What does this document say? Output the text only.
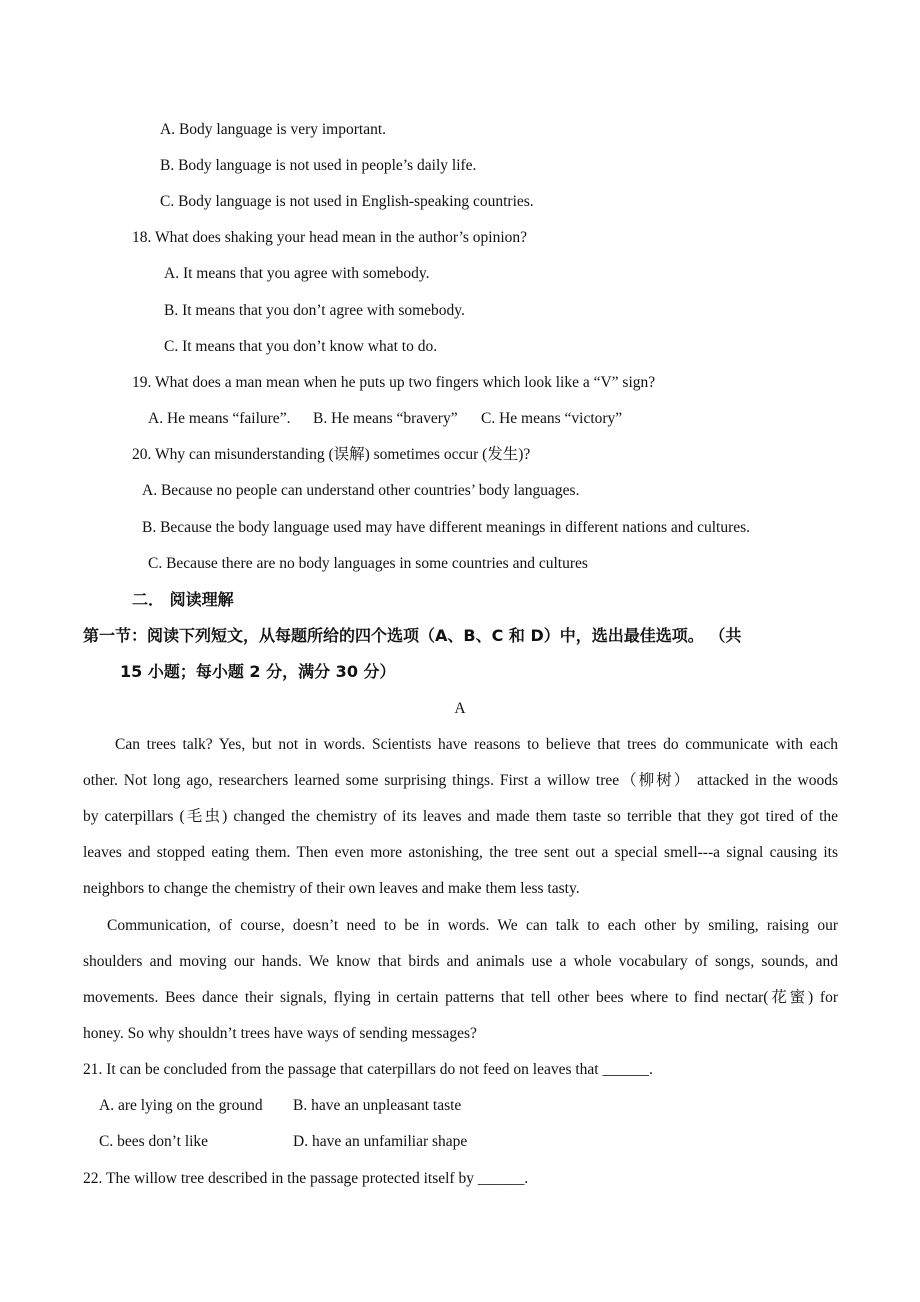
A. Body language is very important.
B. Body language is not used in people’s daily life.
C. Body language is not used in English-speaking countries.
18. What does shaking your head mean in the author’s opinion?
A. It means that you agree with somebody.
B. It means that you don’t agree with somebody.
C. It means that you don’t know what to do.
19. What does a man mean when he puts up two fingers which look like a “V” sign?
A. He means “failure”. B. He means “bravery” C. He means “victory”
20. Why can misunderstanding (误解) sometimes occur (发生)?
A. Because no people can understand other countries’ body languages.
B. Because the body language used may have different meanings in different nations and cultures.
C. Because there are no body languages in some countries and cultures
二． 阅读理解
第一节：阅读下列短文，从每题所给的四个选项（A、B、C 和 D）中，选出最佳选项。 （共
15 小题；每小题 2 分，满分 30 分）
A
Can trees talk? Yes, but not in words. Scientists have reasons to believe that trees do communicate with each
other. Not long ago, researchers learned some surprising things. First a willow tree（柳树） attacked in the woods
by caterpillars (毛虫) changed the chemistry of its leaves and made them taste so terrible that they got tired of the
leaves and stopped eating them. Then even more astonishing, the tree sent out a special smell---a signal causing its
neighbors to change the chemistry of their own leaves and make them less tasty.
Communication, of course, doesn’t need to be in words. We can talk to each other by smiling, raising our
shoulders and moving our hands. We know that birds and animals use a whole vocabulary of songs, sounds, and
movements. Bees dance their signals, flying in certain patterns that tell other bees where to find nectar(花蜜) for
honey. So why shouldn’t trees have ways of sending messages?
21. It can be concluded from the passage that caterpillars do not feed on leaves that ______.
A. are lying on the ground B. have an unpleasant taste
C. bees don’t like	D. have an unfamiliar shape
22. The willow tree described in the passage protected itself by ______.
